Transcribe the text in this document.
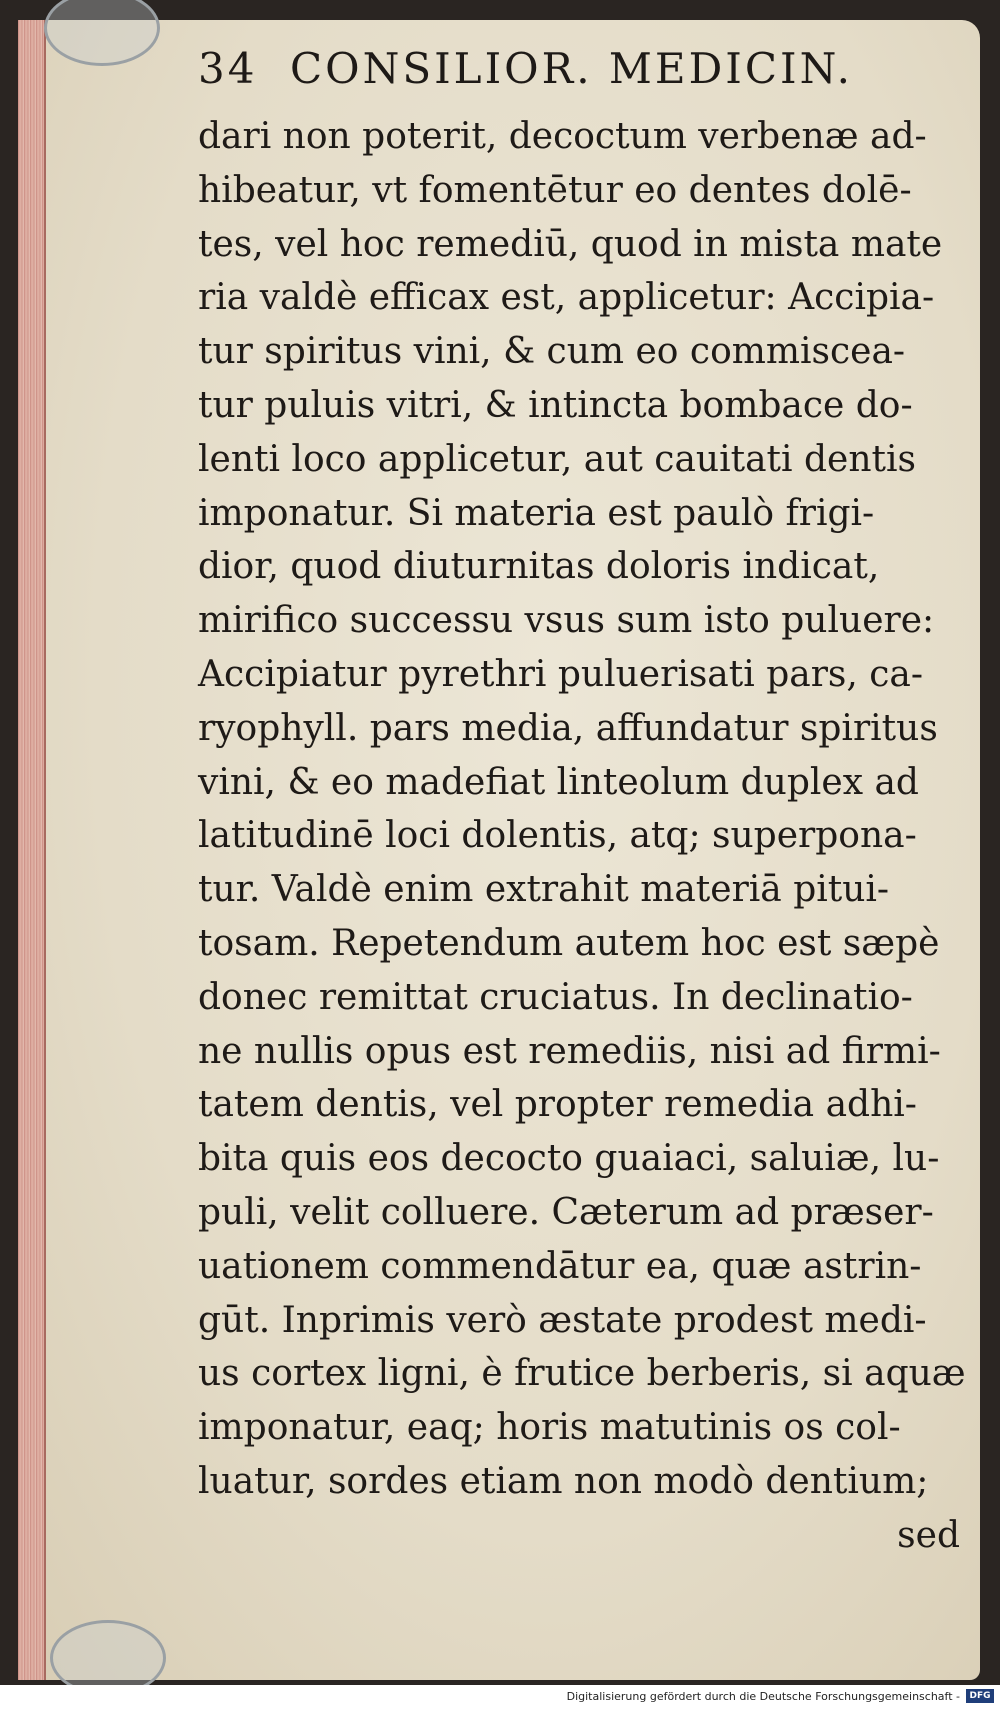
34 CONSILIOR. MEDICIN.
dari non poterit, decoctum verbenæ ad-
hibeatur, vt fomentētur eo dentes dolē-
tes, vel hoc remediū, quod in mista mate
ria valdè efficax est, applicetur: Accipia-
tur spiritus vini, & cum eo commiscea-
tur puluis vitri, & intincta bombace do-
lenti loco applicetur, aut cauitati dentis
imponatur. Si materia est paulò frigi-
dior, quod diuturnitas doloris indicat,
mirifico successu vsus sum isto puluere:
Accipiatur pyrethri puluerisati pars, ca-
ryophyll. pars media, affundatur spiritus
vini, & eo madefiat linteolum duplex ad
latitudinē loci dolentis, atq; superpona-
tur. Valdè enim extrahit materiā pitui-
tosam. Repetendum autem hoc est sæpè
donec remittat cruciatus. In declinatio-
ne nullis opus est remediis, nisi ad firmi-
tatem dentis, vel propter remedia adhi-
bita quis eos decocto guaiaci, saluiæ, lu-
puli, velit colluere. Cæterum ad præser-
uationem commendātur ea, quæ astrin-
gūt. Inprimis verò æstate prodest medi-
us cortex ligni, è frutice berberis, si aquæ
imponatur, eaq; horis matutinis os col-
luatur, sordes etiam non modò dentium;
sed
Digitalisierung gefördert durch die Deutsche Forschungsgemeinschaft -	DFG
